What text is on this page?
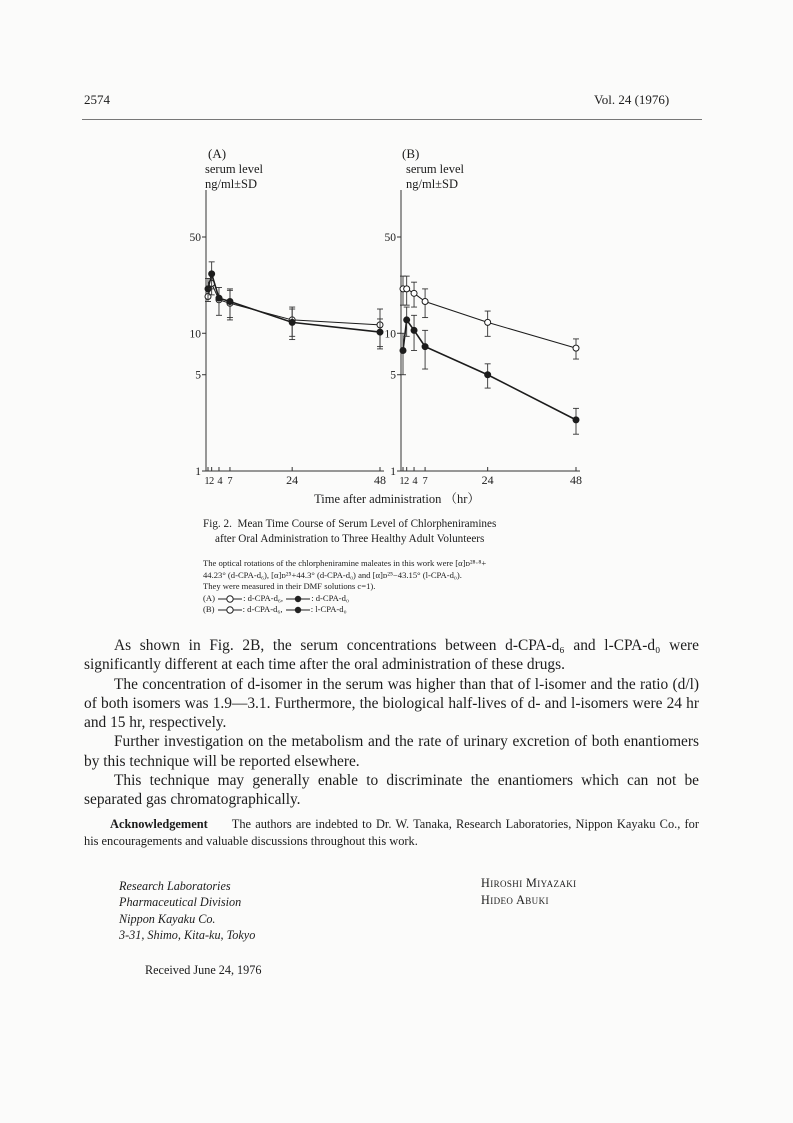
2574	Vol. 24 (1976)
(A)
serum level
ng/ml±SD
1
5
10
50
1 2 4 7	24	48
(B)
serum level
ng/ml±SD
1
5
10
50
1 2 4 7	24	48
Time after administration （hr）
Fig. 2. Mean Time Course of Serum Level of Chlorpheniramines
after Oral Administration to Three Healthy Adult Volunteers
The optical rotations of the chlorpheniramine maleates in this work were [α]ᴅ²⁸·⁸+
44.23° (d-CPA-d₆), [α]ᴅ²⁵+44.3° (d-CPA-d₀) and [α]ᴅ²⁵−43.15° (l-CPA-d₀).
They were measured in their DMF solutions c=1).
(A)	: d-CPA-d₆,	: d-CPA-d₀
(B)	: d-CPA-d₆,	: l-CPA-d₀

As shown in Fig. 2B, the serum concentrations between d-CPA-d₆ and l-CPA-d₀ were significantly different at each time after the oral administration of these drugs.

The concentration of d-isomer in the serum was higher than that of l-isomer and the ratio (d/l) of both isomers was 1.9—3.1. Furthermore, the biological half-lives of d- and l-isomers were 24 hr and 15 hr, respectively.

Further investigation on the metabolism and the rate of urinary excretion of both enantiomers by this technique will be reported elsewhere.

This technique may generally enable to discriminate the enantiomers which can not be separated gas chromatographically.

Acknowledgement The authors are indebted to Dr. W. Tanaka, Research Laboratories, Nippon Kayaku Co., for his encouragements and valuable discussions throughout this work.
Research Laboratories
Pharmaceutical Division
Nippon Kayaku Co.
3-31, Shimo, Kita-ku, Tokyo
Hiroshi Miyazaki
Hideo Abuki
Received June 24, 1976
